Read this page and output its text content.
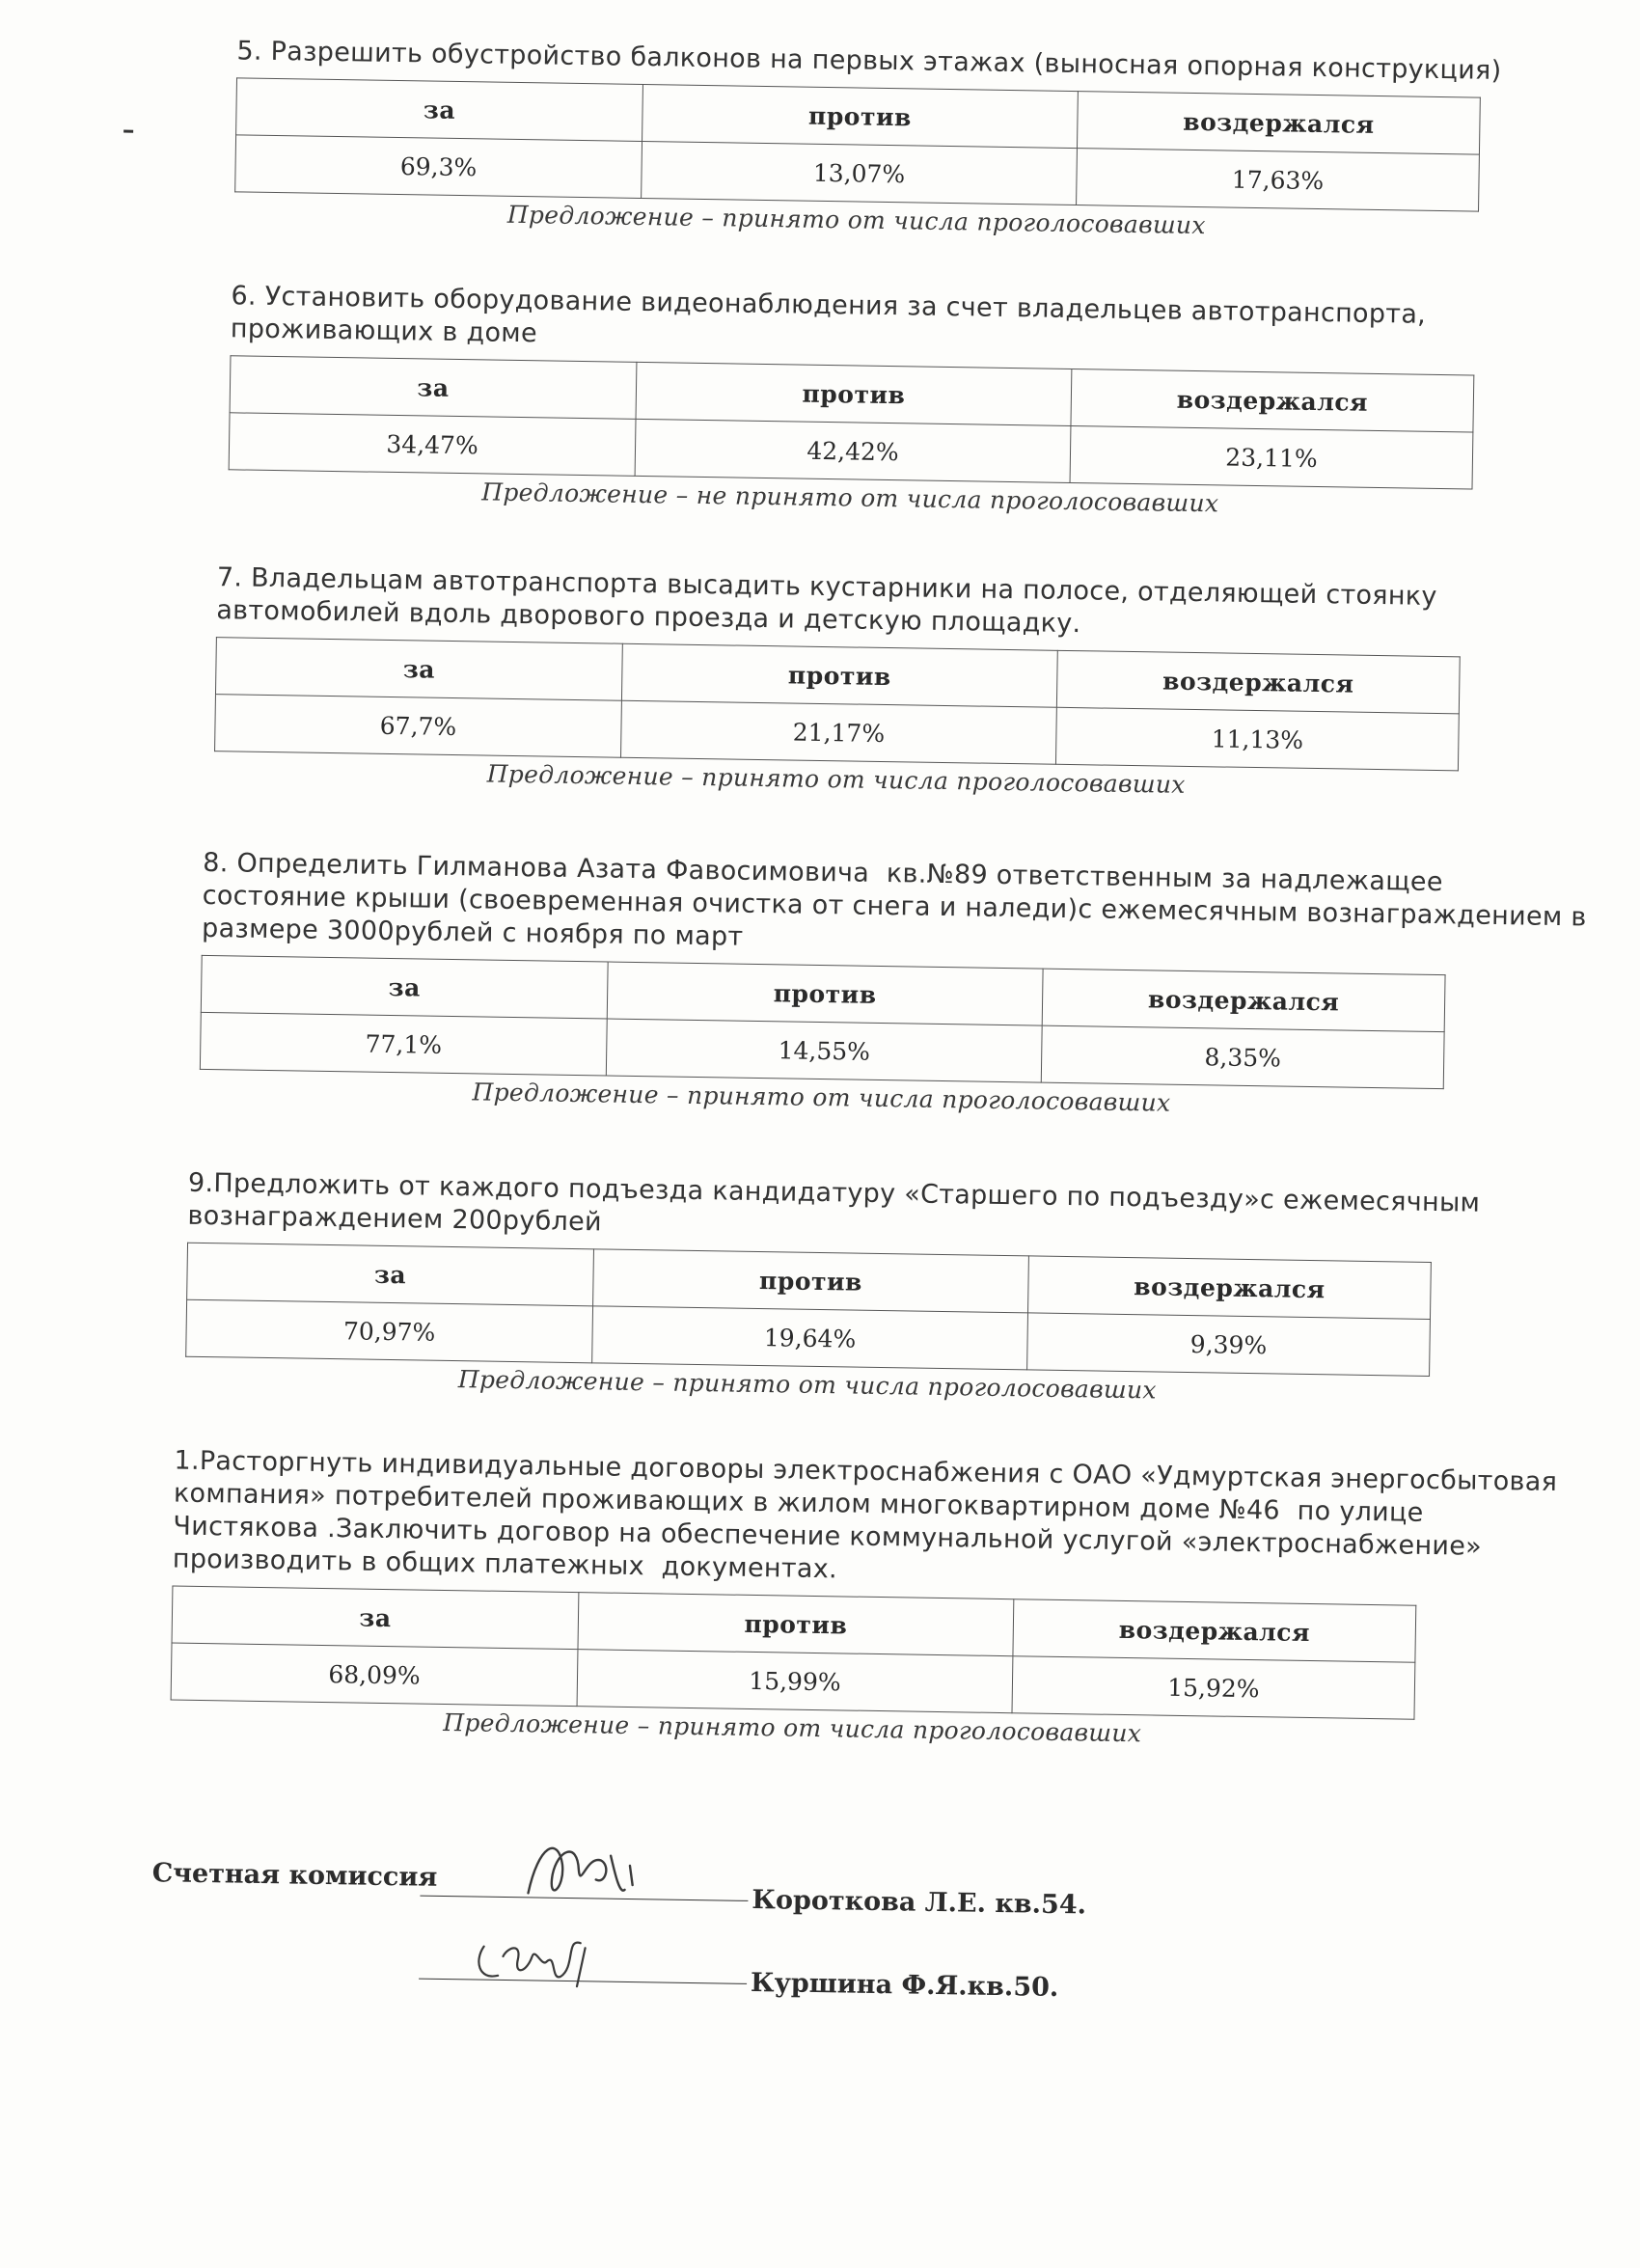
5. Разрешить обустройство балконов на первых этажах (выносная опорная конструкция)
за	против	воздержался
69,3%	13,07%	17,63%
Предложение – принято от числа проголосовавших
6. Установить оборудование видеонаблюдения за счет владельцев автотранспорта, проживающих в доме
за	против	воздержался
34,47%	42,42%	23,11%
Предложение – не принято от числа проголосовавших
7. Владельцам автотранспорта высадить кустарники на полосе, отделяющей стоянку автомобилей вдоль дворового проезда и детскую площадку.
за	против	воздержался
67,7%	21,17%	11,13%
Предложение – принято от числа проголосовавших
8. Определить Гилманова Азата Фавосимовича  кв.№89 ответственным за надлежащее состояние крыши (своевременная очистка от снега и наледи)с ежемесячным вознаграждением в размере 3000рублей с ноября по март
за	против	воздержался
77,1%	14,55%	8,35%
Предложение – принято от числа проголосовавших
9.Предложить от каждого подъезда кандидатуру «Старшего по подъезду»с ежемесячным вознаграждением 200рублей
за	против	воздержался
70,97%	19,64%	9,39%
Предложение – принято от числа проголосовавших
1.Расторгнуть индивидуальные договоры электроснабжения с ОАО «Удмуртская энергосбытовая компания» потребителей проживающих в жилом многоквартирном доме №46  по улице Чистякова .Заключить договор на обеспечение коммунальной услугой «электроснабжение» производить в общих платежных  документах.
за	против	воздержался
68,09%	15,99%	15,92%
Предложение – принято от числа проголосовавших
Счетная комиссия
Короткова Л.Е. кв.54.
Куршина Ф.Я.кв.50.
